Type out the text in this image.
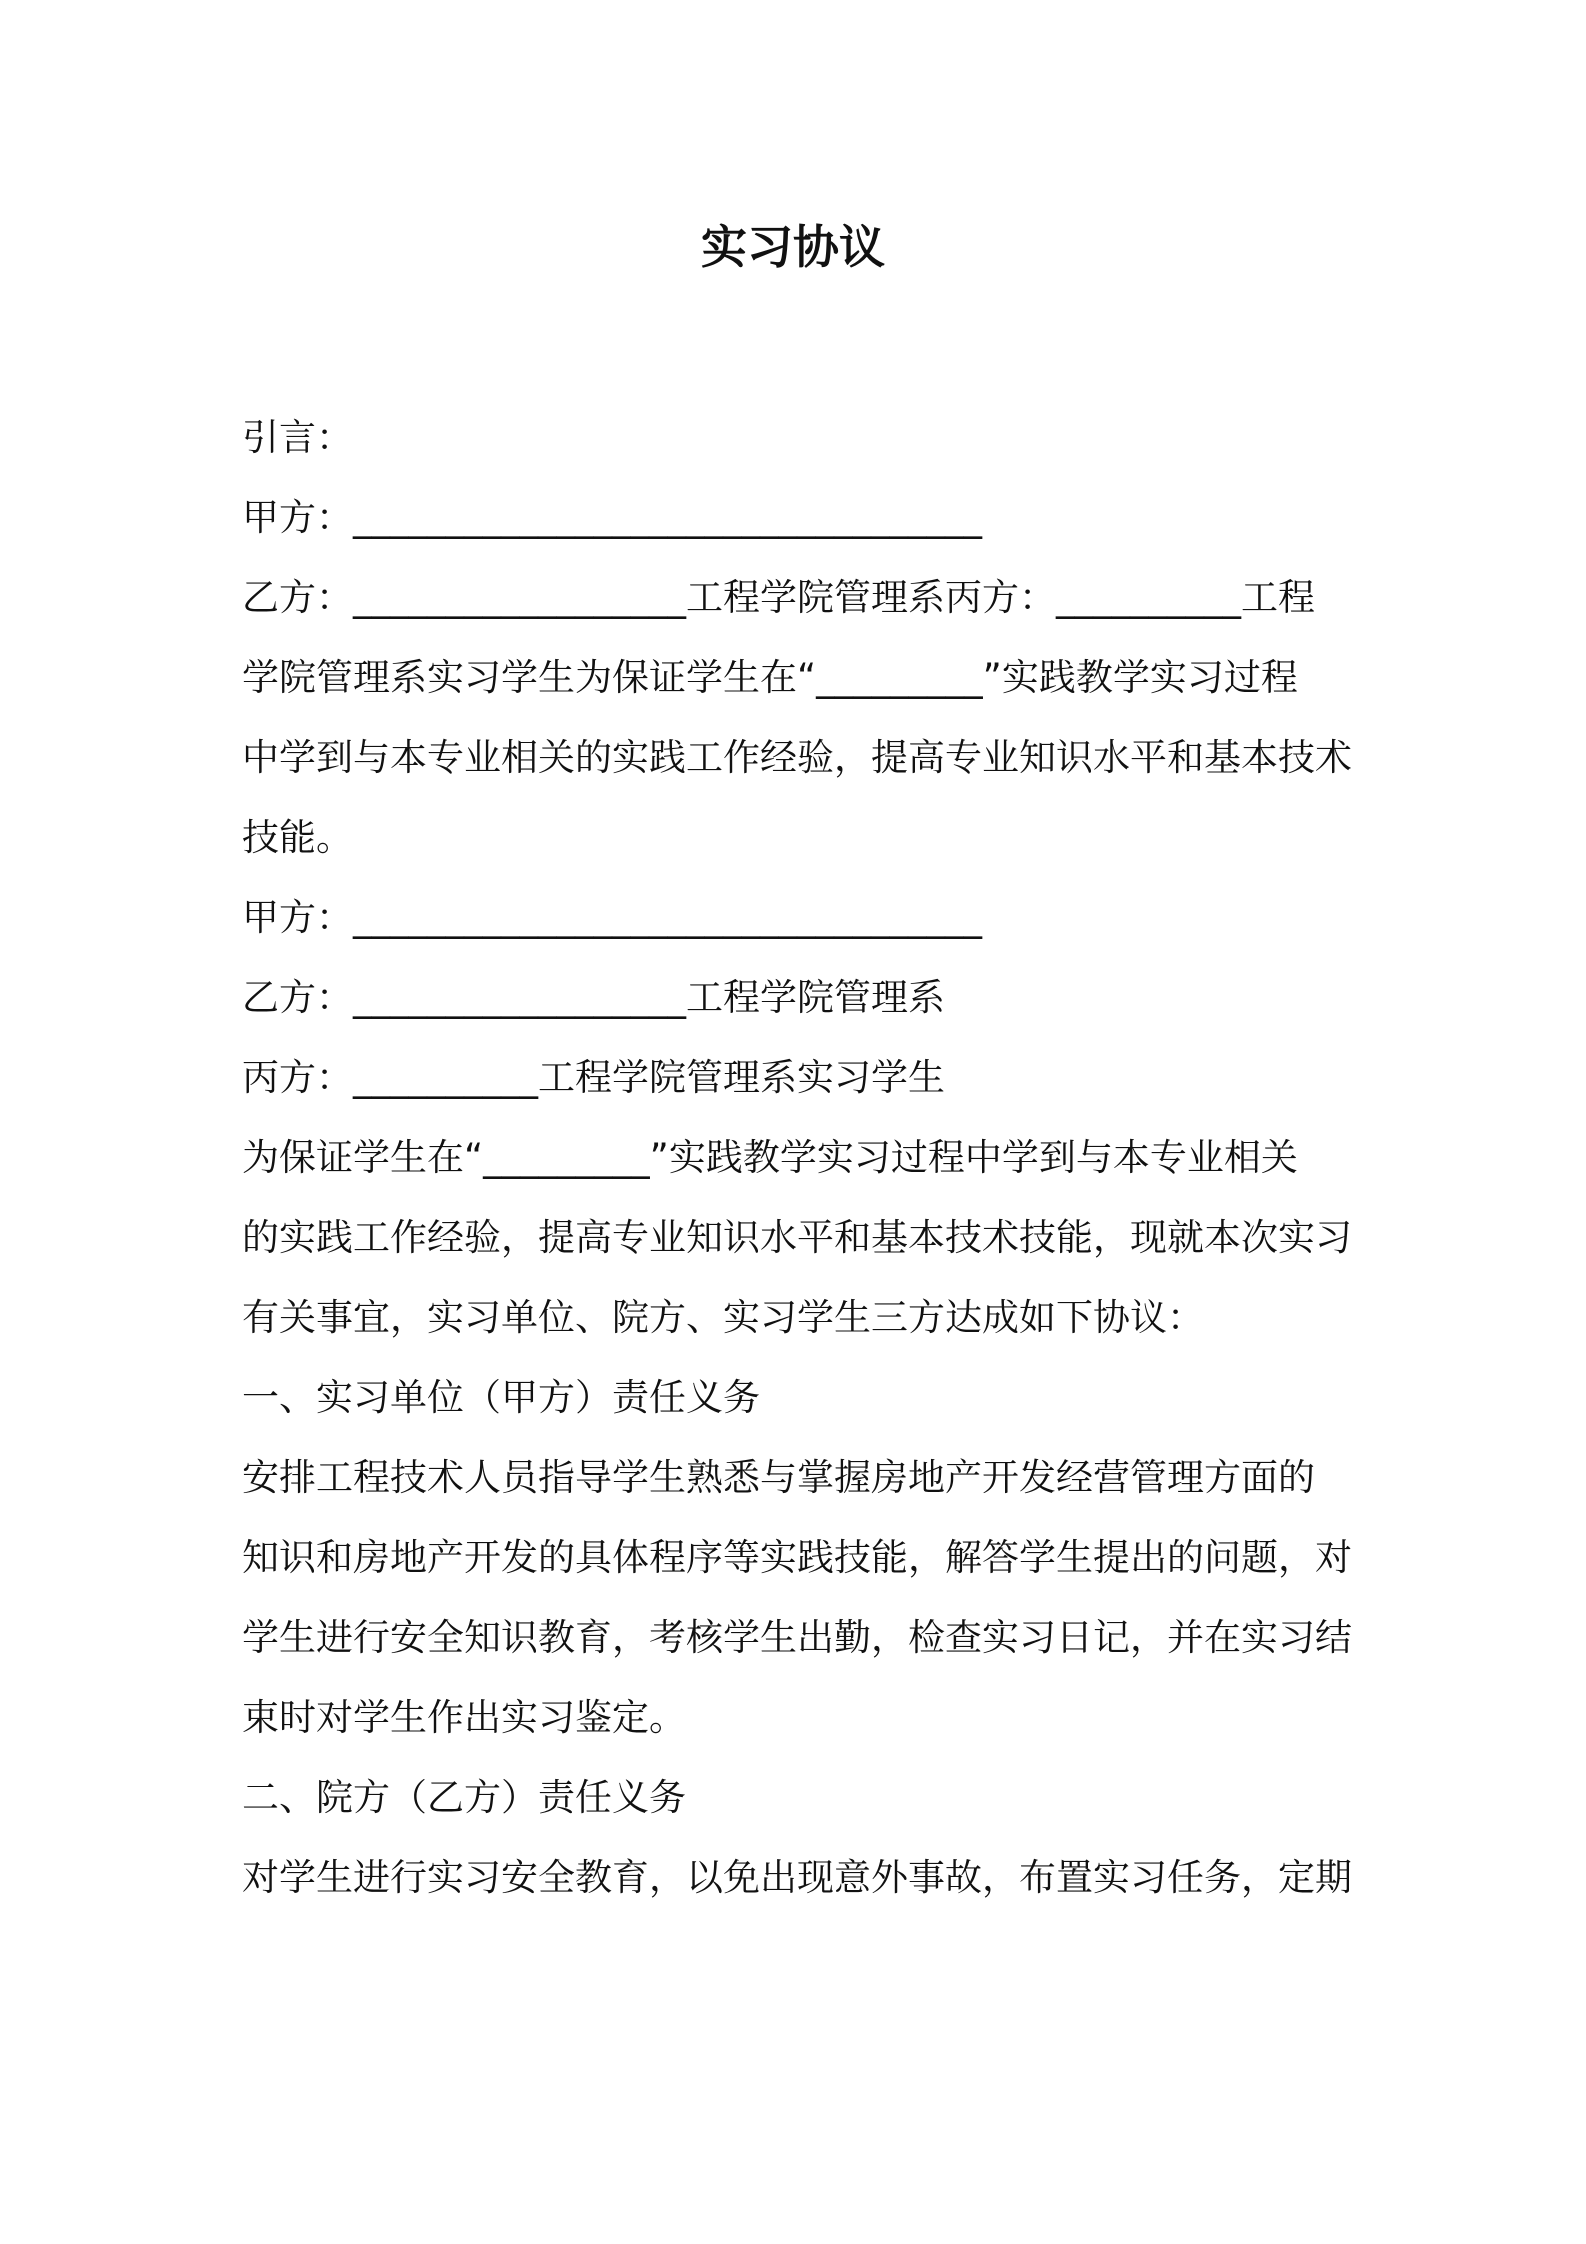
实习协议

引言：

甲方：__________________________________

乙方：__________________工程学院管理系丙方：__________工程

学院管理系实习学生为保证学生在“_________”实践教学实习过程

中学到与本专业相关的实践工作经验，提高专业知识水平和基本技术

技能。

甲方：__________________________________

乙方：__________________工程学院管理系

丙方：__________工程学院管理系实习学生

为保证学生在“_________”实践教学实习过程中学到与本专业相关

的实践工作经验，提高专业知识水平和基本技术技能，现就本次实习

有关事宜，实习单位、院方、实习学生三方达成如下协议：

一、实习单位（甲方）责任义务

安排工程技术人员指导学生熟悉与掌握房地产开发经营管理方面的

知识和房地产开发的具体程序等实践技能，解答学生提出的问题，对

学生进行安全知识教育，考核学生出勤，检查实习日记，并在实习结

束时对学生作出实习鉴定。

二、院方（乙方）责任义务

对学生进行实习安全教育，以免出现意外事故，布置实习任务，定期
